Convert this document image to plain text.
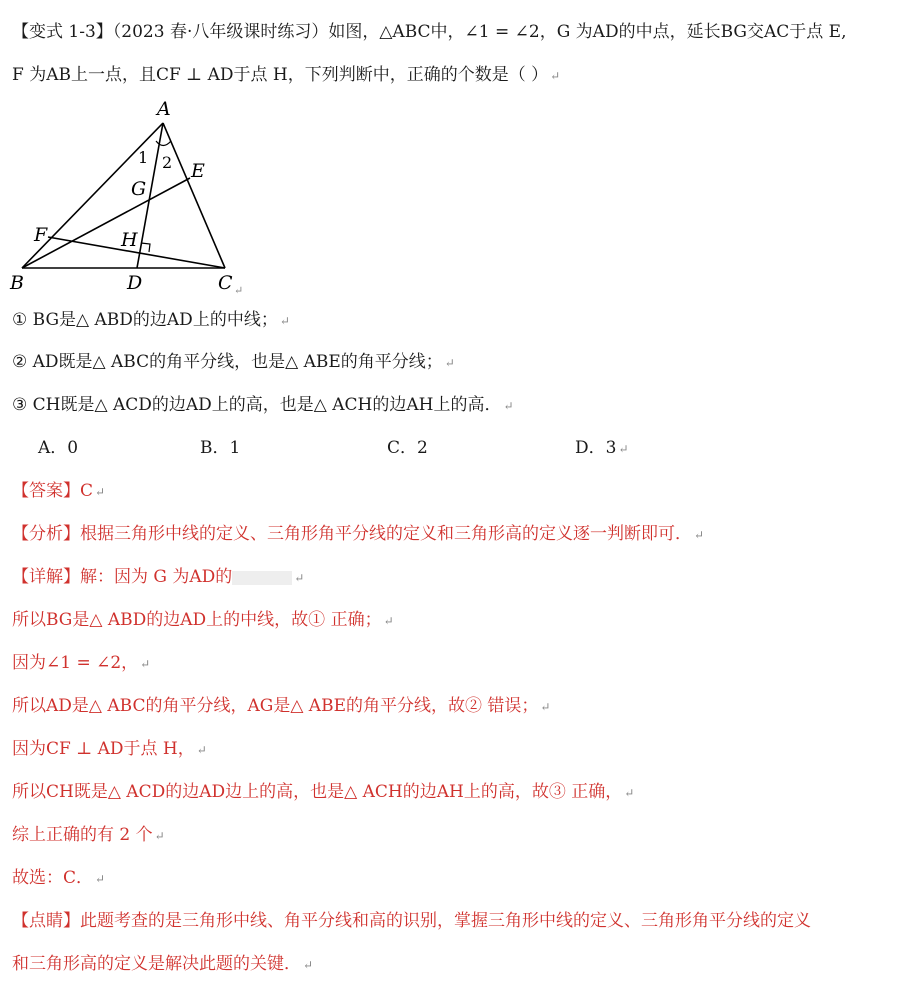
【变式 1-3】（2023 春·八年级课时练习）如图，△ABC中，∠1 = ∠2，G 为AD的中点，延长BG交AC于点 E,
F 为AB上一点，且CF ⊥ AD于点 H，下列判断中，正确的个数是（ ） ↵
A
B	C
D
E
F
G
H
1 2
↵
① BG是△ ABD的边AD上的中线； ↵
② AD既是△ ABC的角平分线，也是△ ABE的角平分线； ↵
③ CH既是△ ACD的边AD上的高，也是△ ACH的边AH上的高． ↵
A．0	B．1	C．2	D．3 ↵
【答案】C ↵
【分析】根据三角形中线的定义、三角形角平分线的定义和三角形高的定义逐一判断即可． ↵
【详解】解：因为 G 为AD的	↵
所以BG是△ ABD的边AD上的中线，故① 正确； ↵
因为∠1 = ∠2， ↵
所以AD是△ ABC的角平分线，AG是△ ABE的角平分线，故② 错误； ↵
因为CF ⊥ AD于点 H， ↵
所以CH既是△ ACD的边AD边上的高，也是△ ACH的边AH上的高，故③ 正确， ↵
综上正确的有 2 个 ↵
故选：C． ↵
【点睛】此题考查的是三角形中线、角平分线和高的识别，掌握三角形中线的定义、三角形角平分线的定义
和三角形高的定义是解决此题的关键． ↵
